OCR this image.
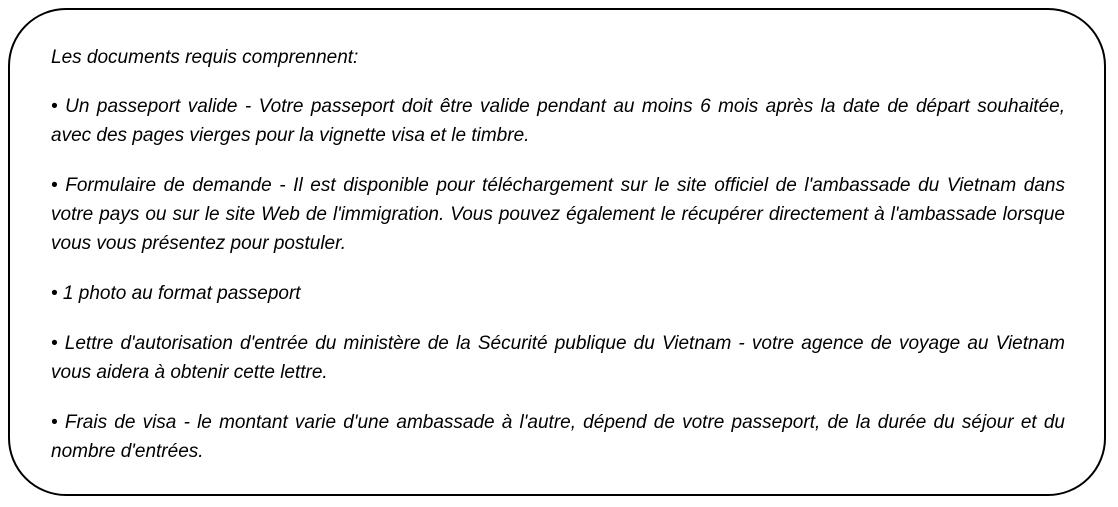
Les documents requis comprennent:

• Un passeport valide - Votre passeport doit être valide pendant au moins 6 mois après la date de départ souhaitée, avec des pages vierges pour la vignette visa et le timbre.

• Formulaire de demande - Il est disponible pour téléchargement sur le site officiel de l'ambassade du Vietnam dans votre pays ou sur le site Web de l'immigration. Vous pouvez également le récupérer directement à l'ambassade lorsque vous vous présentez pour postuler.

• 1 photo au format passeport

• Lettre d'autorisation d'entrée du ministère de la Sécurité publique du Vietnam - votre agence de voyage au Vietnam vous aidera à obtenir cette lettre.

• Frais de visa - le montant varie d'une ambassade à l'autre, dépend de votre passeport, de la durée du séjour et du nombre d'entrées.
